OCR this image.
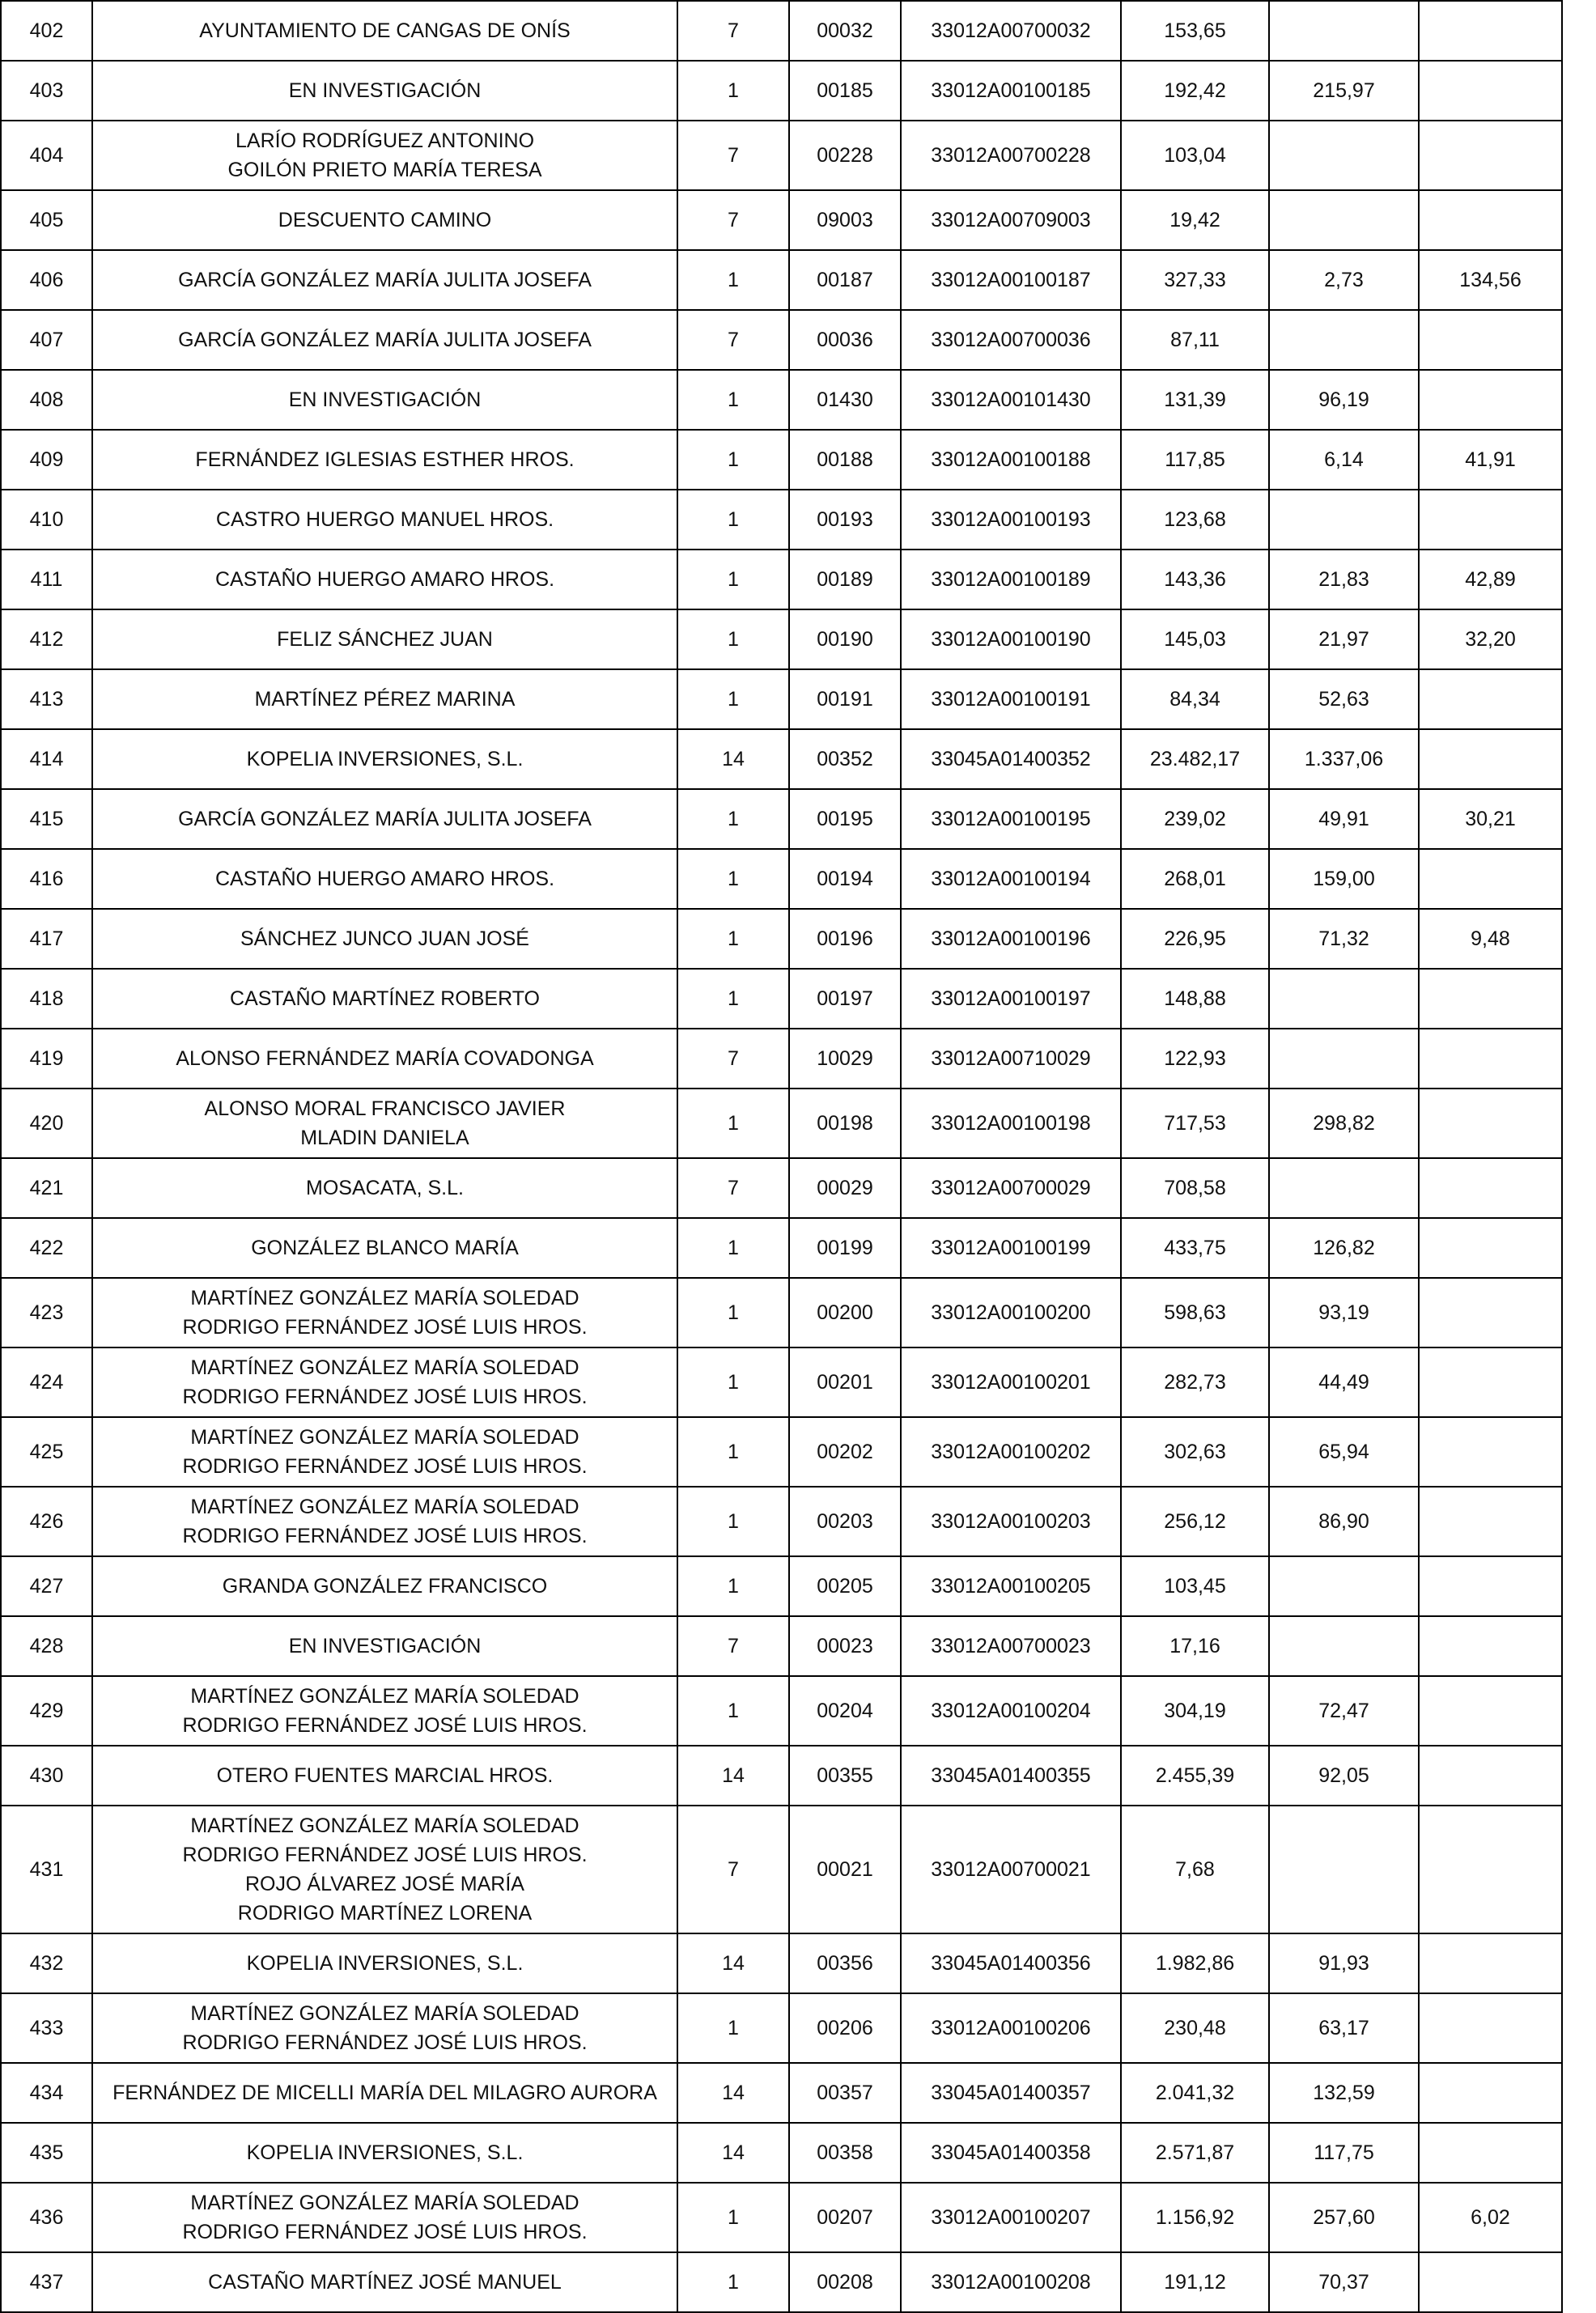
402	AYUNTAMIENTO DE CANGAS DE ONÍS	7	00032	33012A00700032	153,65		
403	EN INVESTIGACIÓN	1	00185	33012A00100185	192,42	215,97	
404	LARÍO RODRÍGUEZ ANTONINO
GOILÓN PRIETO MARÍA TERESA	7	00228	33012A00700228	103,04		
405	DESCUENTO CAMINO	7	09003	33012A00709003	19,42		
406	GARCÍA GONZÁLEZ MARÍA JULITA JOSEFA	1	00187	33012A00100187	327,33	2,73	134,56
407	GARCÍA GONZÁLEZ MARÍA JULITA JOSEFA	7	00036	33012A00700036	87,11		
408	EN INVESTIGACIÓN	1	01430	33012A00101430	131,39	96,19	
409	FERNÁNDEZ IGLESIAS ESTHER HROS.	1	00188	33012A00100188	117,85	6,14	41,91
410	CASTRO HUERGO MANUEL HROS.	1	00193	33012A00100193	123,68		
411	CASTAÑO HUERGO AMARO HROS.	1	00189	33012A00100189	143,36	21,83	42,89
412	FELIZ SÁNCHEZ JUAN	1	00190	33012A00100190	145,03	21,97	32,20
413	MARTÍNEZ PÉREZ MARINA	1	00191	33012A00100191	84,34	52,63	
414	KOPELIA INVERSIONES, S.L.	14	00352	33045A01400352	23.482,17	1.337,06	
415	GARCÍA GONZÁLEZ MARÍA JULITA JOSEFA	1	00195	33012A00100195	239,02	49,91	30,21
416	CASTAÑO HUERGO AMARO HROS.	1	00194	33012A00100194	268,01	159,00	
417	SÁNCHEZ JUNCO JUAN JOSÉ	1	00196	33012A00100196	226,95	71,32	9,48
418	CASTAÑO MARTÍNEZ ROBERTO	1	00197	33012A00100197	148,88		
419	ALONSO FERNÁNDEZ MARÍA COVADONGA	7	10029	33012A00710029	122,93		
420	ALONSO MORAL FRANCISCO JAVIER
MLADIN DANIELA	1	00198	33012A00100198	717,53	298,82	
421	MOSACATA, S.L.	7	00029	33012A00700029	708,58		
422	GONZÁLEZ BLANCO MARÍA	1	00199	33012A00100199	433,75	126,82	
423	MARTÍNEZ GONZÁLEZ MARÍA SOLEDAD
RODRIGO FERNÁNDEZ JOSÉ LUIS HROS.	1	00200	33012A00100200	598,63	93,19	
424	MARTÍNEZ GONZÁLEZ MARÍA SOLEDAD
RODRIGO FERNÁNDEZ JOSÉ LUIS HROS.	1	00201	33012A00100201	282,73	44,49	
425	MARTÍNEZ GONZÁLEZ MARÍA SOLEDAD
RODRIGO FERNÁNDEZ JOSÉ LUIS HROS.	1	00202	33012A00100202	302,63	65,94	
426	MARTÍNEZ GONZÁLEZ MARÍA SOLEDAD
RODRIGO FERNÁNDEZ JOSÉ LUIS HROS.	1	00203	33012A00100203	256,12	86,90	
427	GRANDA GONZÁLEZ FRANCISCO	1	00205	33012A00100205	103,45		
428	EN INVESTIGACIÓN	7	00023	33012A00700023	17,16		
429	MARTÍNEZ GONZÁLEZ MARÍA SOLEDAD
RODRIGO FERNÁNDEZ JOSÉ LUIS HROS.	1	00204	33012A00100204	304,19	72,47	
430	OTERO FUENTES MARCIAL HROS.	14	00355	33045A01400355	2.455,39	92,05	
431	MARTÍNEZ GONZÁLEZ MARÍA SOLEDAD
RODRIGO FERNÁNDEZ JOSÉ LUIS HROS.
ROJO ÁLVAREZ JOSÉ MARÍA
RODRIGO MARTÍNEZ LORENA	7	00021	33012A00700021	7,68		
432	KOPELIA INVERSIONES, S.L.	14	00356	33045A01400356	1.982,86	91,93	
433	MARTÍNEZ GONZÁLEZ MARÍA SOLEDAD
RODRIGO FERNÁNDEZ JOSÉ LUIS HROS.	1	00206	33012A00100206	230,48	63,17	
434	FERNÁNDEZ DE MICELLI MARÍA DEL MILAGRO AURORA	14	00357	33045A01400357	2.041,32	132,59	
435	KOPELIA INVERSIONES, S.L.	14	00358	33045A01400358	2.571,87	117,75	
436	MARTÍNEZ GONZÁLEZ MARÍA SOLEDAD
RODRIGO FERNÁNDEZ JOSÉ LUIS HROS.	1	00207	33012A00100207	1.156,92	257,60	6,02
437	CASTAÑO MARTÍNEZ JOSÉ MANUEL	1	00208	33012A00100208	191,12	70,37	
